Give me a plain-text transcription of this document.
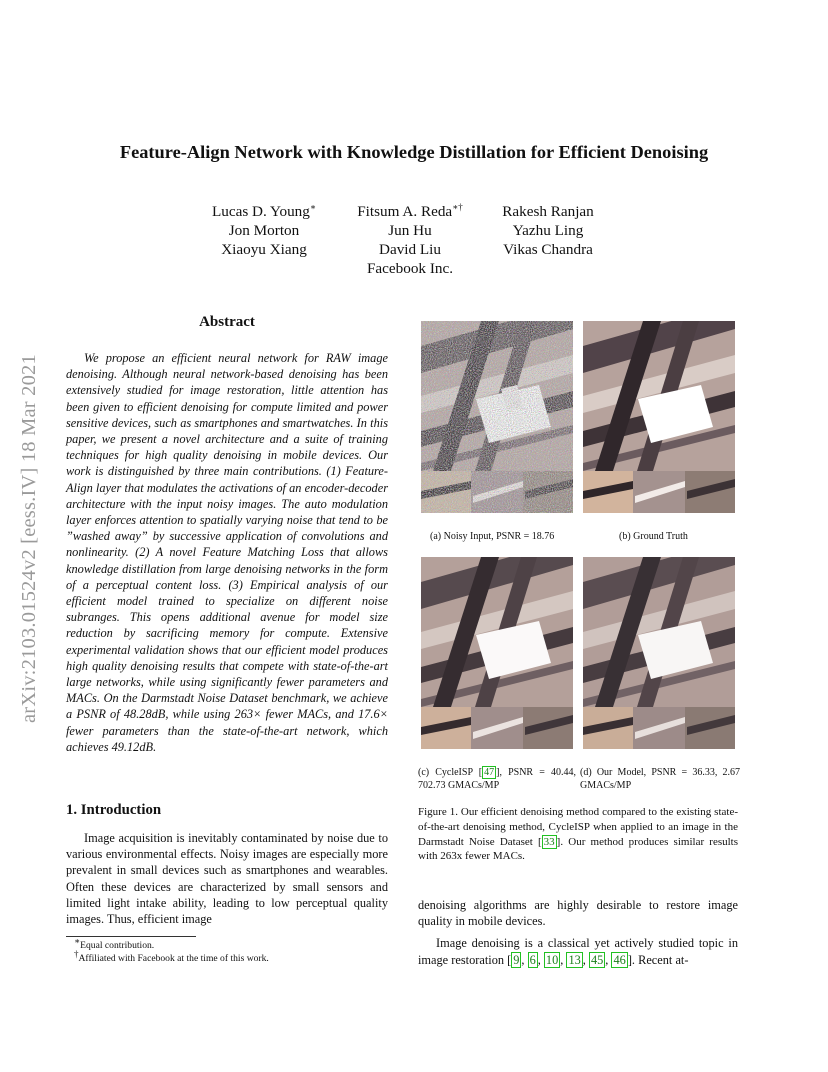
arXiv:2103.01524v2 [eess.IV] 18 Mar 2021
Feature-Align Network with Knowledge Distillation for Efficient Denoising
Lucas D. Young∗
Jon Morton
Xiaoyu Xiang
Fitsum A. Reda∗†
Jun Hu
David Liu
Facebook Inc.
Rakesh Ranjan
Yazhu Ling
Vikas Chandra
Abstract
We propose an efficient neural network for RAW image denoising. Although neural network-based denoising has been extensively studied for image restoration, little attention has been given to efficient denoising for compute limited and power sensitive devices, such as smartphones and smartwatches. In this paper, we present a novel architecture and a suite of training techniques for high quality denoising in mobile devices. Our work is distinguished by three main contributions. (1) Feature-Align layer that modulates the activations of an encoder-decoder architecture with the input noisy images. The auto modulation layer enforces attention to spatially varying noise that tend to be ”washed away” by successive application of convolutions and nonlinearity. (2) A novel Feature Matching Loss that allows knowledge distillation from large denoising networks in the form of a perceptual content loss. (3) Empirical analysis of our efficient model trained to specialize on different noise subranges. This opens additional avenue for model size reduction by sacrificing memory for compute. Extensive experimental validation shows that our efficient model produces high quality denoising results that compete with state-of-the-art large networks, while using significantly fewer parameters and MACs. On the Darmstadt Noise Dataset benchmark, we achieve a PSNR of 48.28dB, while using 263× fewer MACs, and 17.6× fewer parameters than the state-of-the-art network, which achieves 49.12dB.
1. Introduction
Image acquisition is inevitably contaminated by noise due to various environmental effects. Noisy images are especially more prevalent in small devices such as smartphones and wearables. Often these devices are characterized by small sensors and limited light intake ability, leading to low perceptual quality images. Thus, efficient image
∗Equal contribution.
†Affiliated with Facebook at the time of this work.
(a) Noisy Input, PSNR = 18.76	(b) Ground Truth
(c) CycleISP [ 47 ], PSNR = 40.44, 702.73 GMACs/MP
(d) Our Model, PSNR = 36.33, 2.67 GMACs/MP
Figure 1. Our efficient denoising method compared to the existing state-of-the-art denoising method, CycleISP when applied to an image in the Darmstadt Noise Dataset [ 33 ]. Our method produces similar results with 263x fewer MACs.

denoising algorithms are highly desirable to restore image quality in mobile devices.

Image denoising is a classical yet actively studied topic in image restoration [ 9 , 6 , 10 , 13 , 45 , 46 ]. Recent at-
